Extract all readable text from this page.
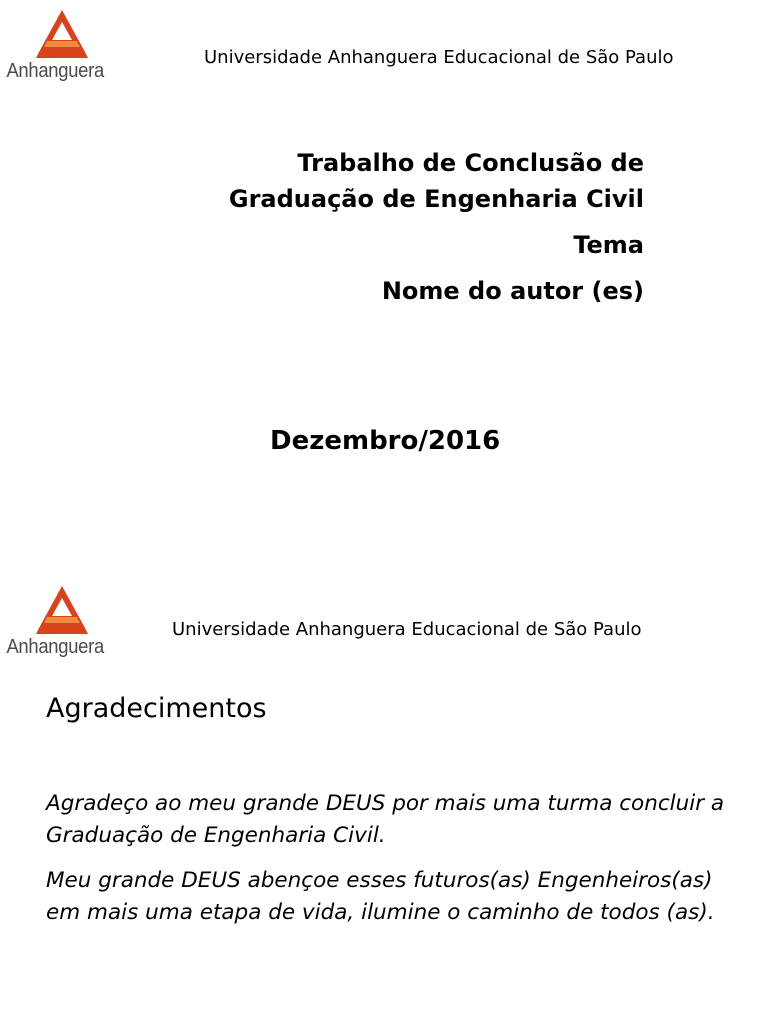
Anhanguera
Universidade Anhanguera Educacional de São Paulo
Trabalho de Conclusão de
Graduação de Engenharia Civil
Tema
Nome do autor (es)
Dezembro/2016
Anhanguera
Universidade Anhanguera Educacional de São Paulo
Agradecimentos
Agradeço ao meu grande DEUS por mais uma turma concluir a Graduação de Engenharia Civil.
Meu grande DEUS abençoe esses futuros(as) Engenheiros(as) em mais uma etapa de vida, ilumine o caminho de todos (as).
